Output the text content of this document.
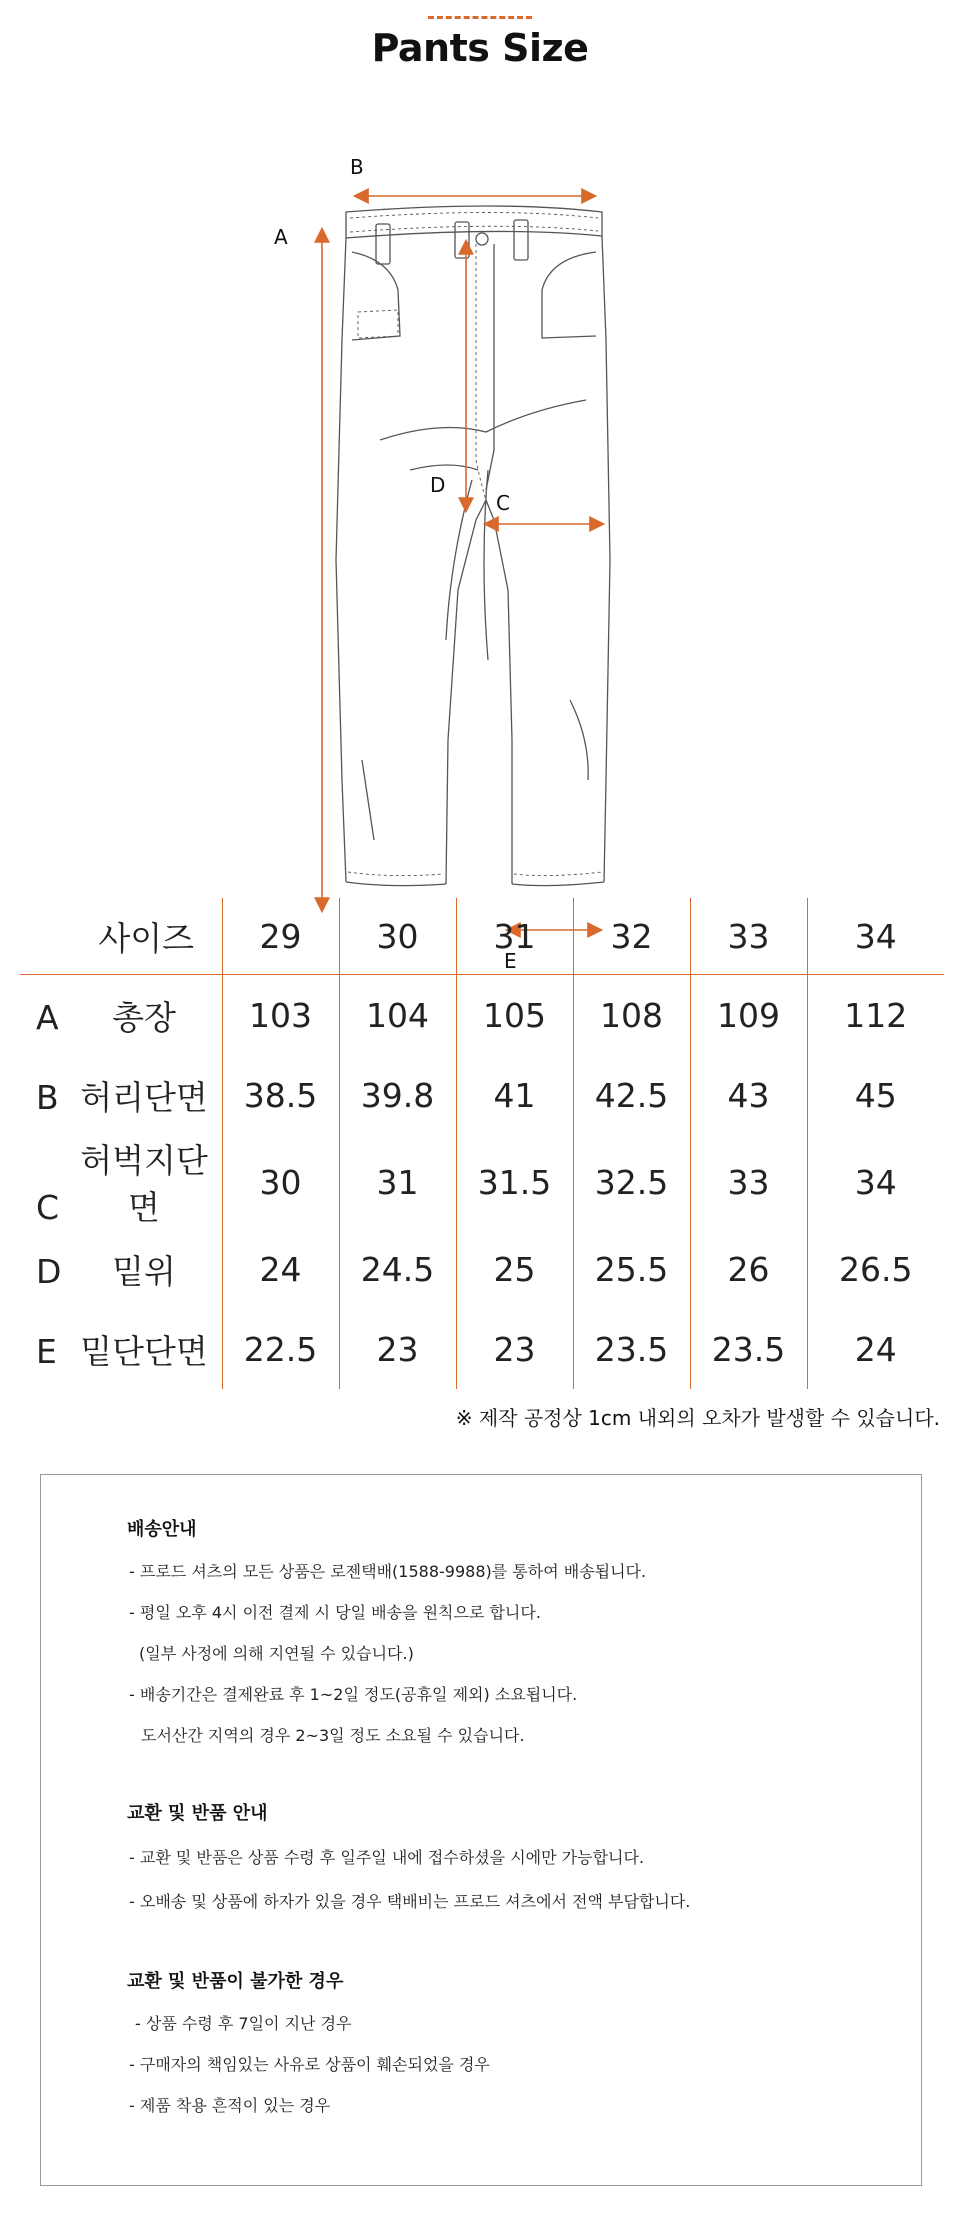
Pants Size
A
B
C
D
E
사이즈	29	30	31	32	33	34
A 총장	103	104	105	108	109	112
B 허리단면	38.5	39.8	41	42.5	43	45
C허벅지단면	30	31	31.5	32.5	33	34
D 밑위	24	24.5	25	25.5	26	26.5
E 밑단단면	22.5	23	23	23.5	23.5	24
※ 제작 공정상 1cm 내외의 오차가 발생할 수 있습니다.
배송안내
- 프로드 셔츠의 모든 상품은 로젠택배(1588-9988)를 통하여 배송됩니다.
- 평일 오후 4시 이전 결제 시 당일 배송을 원칙으로 합니다.
(일부 사정에 의해 지연될 수 있습니다.)
- 배송기간은 결제완료 후 1~2일 정도(공휴일 제외) 소요됩니다.
도서산간 지역의 경우 2~3일 정도 소요될 수 있습니다.
교환 및 반품 안내
- 교환 및 반품은 상품 수령 후 일주일 내에 접수하셨을 시에만 가능합니다.
- 오배송 및 상품에 하자가 있을 경우 택배비는 프로드 셔츠에서 전액 부담합니다.
교환 및 반품이 불가한 경우
- 상품 수령 후 7일이 지난 경우
- 구매자의 책임있는 사유로 상품이 훼손되었을 경우
- 제품 착용 흔적이 있는 경우
